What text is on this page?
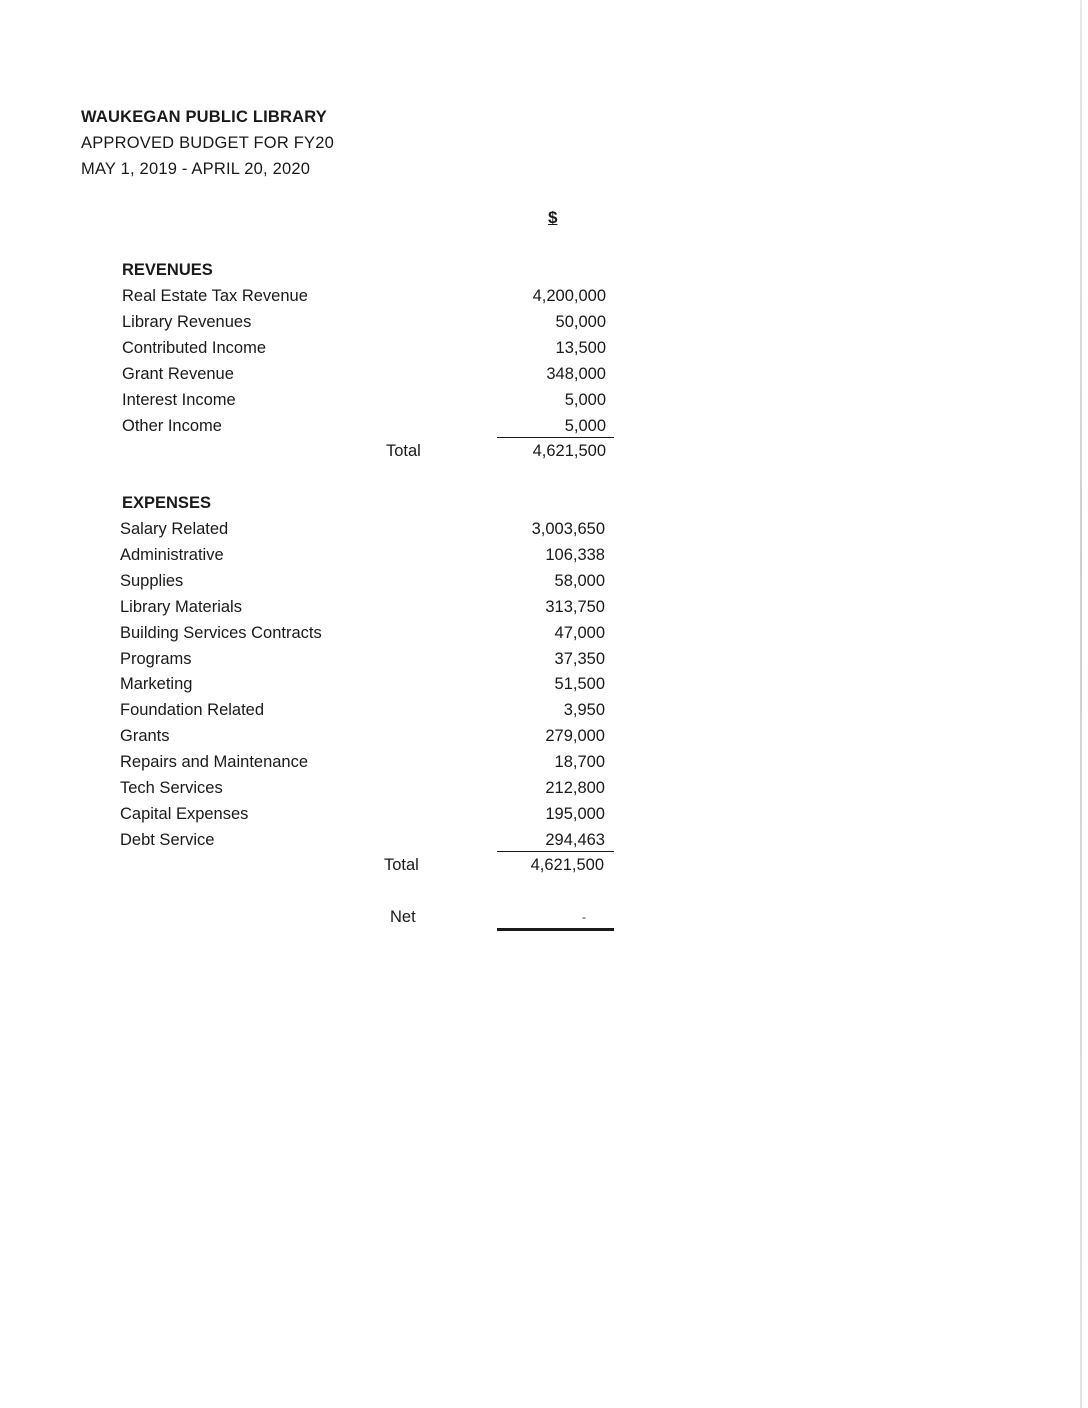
WAUKEGAN PUBLIC LIBRARY
APPROVED BUDGET FOR FY20
MAY 1, 2019 - APRIL 20, 2020
$
REVENUES
Real Estate Tax Revenue	4,200,000
Library Revenues	50,000
Contributed Income	13,500
Grant Revenue	348,000
Interest Income	5,000
Other Income	5,000
Total	4,621,500
EXPENSES
Salary Related	3,003,650
Administrative	106,338
Supplies	58,000
Library Materials	313,750
Building Services Contracts	47,000
Programs	37,350
Marketing	51,500
Foundation Related	3,950
Grants	279,000
Repairs and Maintenance	18,700
Tech Services	212,800
Capital Expenses	195,000
Debt Service	294,463
Total	4,621,500
Net	-
